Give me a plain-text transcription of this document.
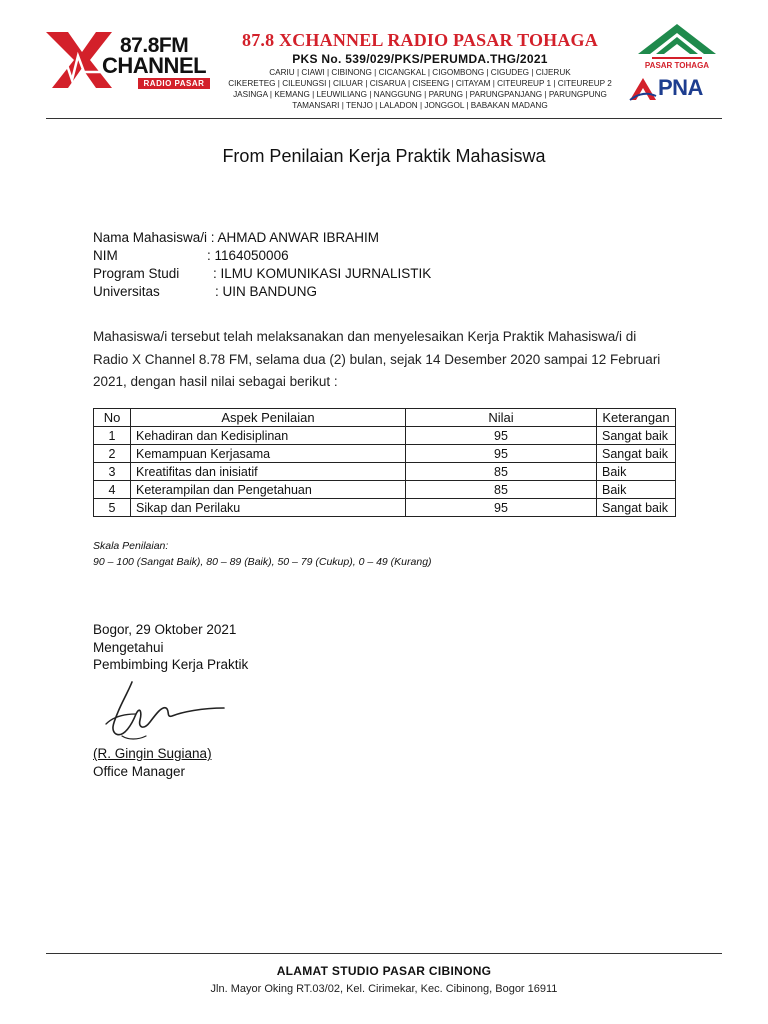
87.8FM
CHANNEL
RADIO PASAR
87.8 XCHANNEL RADIO PASAR TOHAGA
PKS No. 539/029/PKS/PERUMDA.THG/2021
CARIU | CIAWI | CIBINONG | CICANGKAL | CIGOMBONG | CIGUDEG | CIJERUK
CIKERETEG | CILEUNGSI | CILUAR | CISARUA | CISEENG | CITAYAM | CITEUREUP 1 | CITEUREUP 2
JASINGA | KEMANG | LEUWILIANG | NANGGUNG | PARUNG | PARUNGPANJANG | PARUNGPUNG
TAMANSARI | TENJO | LALADON | JONGGOL | BABAKAN MADANG
PASAR TOHAGA
PNA
From Penilaian Kerja Praktik Mahasiswa
Nama Mahasiswa/i : AHMAD ANWAR IBRAHIM
NIM	: 1164050006
Program Studi : ILMU KOMUNIKASI JURNALISTIK
Universitas	: UIN BANDUNG
Mahasiswa/i tersebut telah melaksanakan dan menyelesaikan Kerja Praktik Mahasiswa/i di
Radio X Channel 8.78 FM, selama dua (2) bulan, sejak 14 Desember 2020 sampai 12 Februari
2021, dengan hasil nilai sebagai berikut :
No	Aspek Penilaian	Nilai	Keterangan
1	Kehadiran dan Kedisiplinan	95	Sangat baik
2	Kemampuan Kerjasama	95	Sangat baik
3	Kreatifitas dan inisiatif	85	Baik
4	Keterampilan dan Pengetahuan	85	Baik
5	Sikap dan Perilaku	95	Sangat baik
Skala Penilaian:
90 – 100 (Sangat Baik), 80 – 89 (Baik), 50 – 79 (Cukup), 0 – 49 (Kurang)
Bogor, 29 Oktober 2021
Mengetahui
Pembimbing Kerja Praktik
(R. Gingin Sugiana)
Office Manager
ALAMAT STUDIO PASAR CIBINONG
Jln. Mayor Oking RT.03/02, Kel. Cirimekar, Kec. Cibinong, Bogor 16911
